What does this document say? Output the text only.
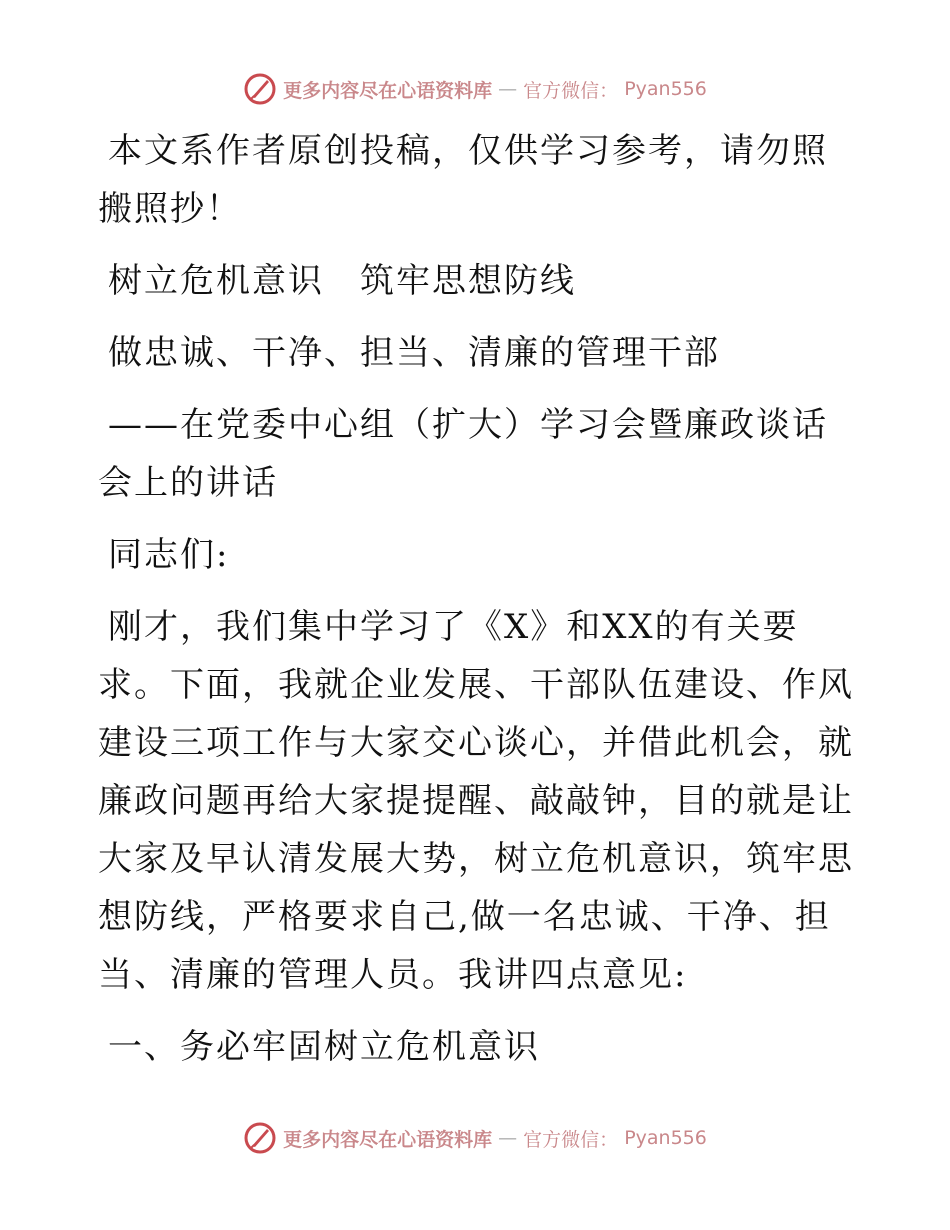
更多内容尽在心语资料库 — 官方微信： Pyan556

本文系作者原创投稿，仅供学习参考，请勿照搬照抄！

树立危机意识　筑牢思想防线

做忠诚、干净、担当、清廉的管理干部

——在党委中心组（扩大）学习会暨廉政谈话会上的讲话

同志们:

刚才，我们集中学习了《X》和XX的有关要求。下面，我就企业发展、干部队伍建设、作风建设三项工作与大家交心谈心，并借此机会，就廉政问题再给大家提提醒、敲敲钟，目的就是让大家及早认清发展大势，树立危机意识，筑牢思想防线，严格要求自己,做一名忠诚、干净、担当、清廉的管理人员。我讲四点意见:

一、务必牢固树立危机意识

更多内容尽在心语资料库 — 官方微信： Pyan556
